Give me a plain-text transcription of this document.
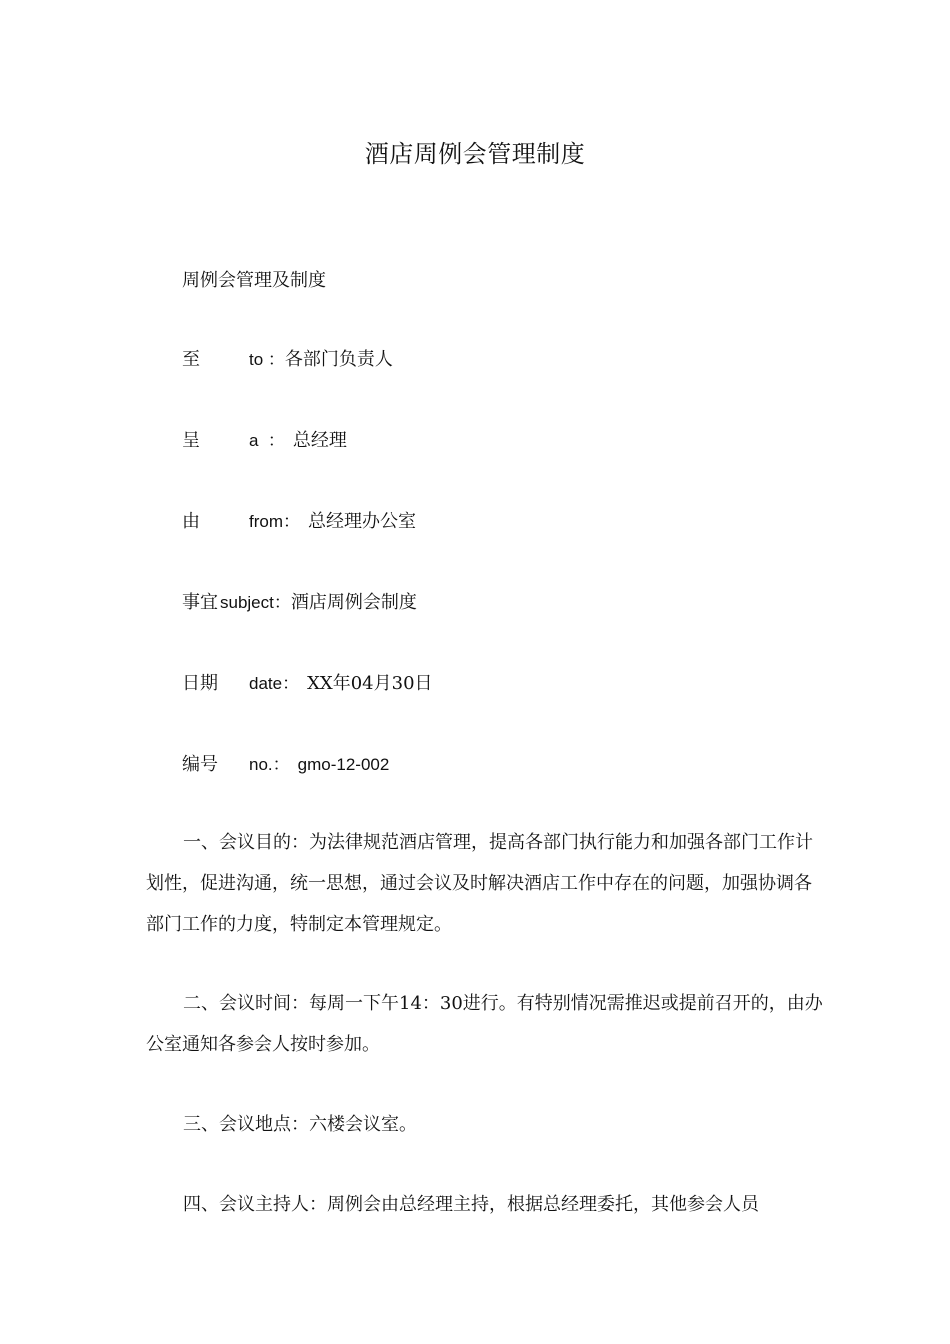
酒店周例会管理制度
周例会管理及制度
至	to ：各部门负责人
呈	a  ： 总经理
由	from： 总经理办公室
事宜 subject：酒店周例会制度
日期 date： XX年04月30日
编号 no.： gmo-12-002

一、会议目的：为法律规范酒店管理，提高各部门执行能力和加强各部门工作计划性，促进沟通，统一思想，通过会议及时解决酒店工作中存在的问题，加强协调各部门工作的力度，特制定本管理规定。

二、会议时间：每周一下午14：30进行。有特别情况需推迟或提前召开的，由办公室通知各参会人按时参加。

三、会议地点：六楼会议室。

四、会议主持人：周例会由总经理主持，根据总经理委托，其他参会人员
